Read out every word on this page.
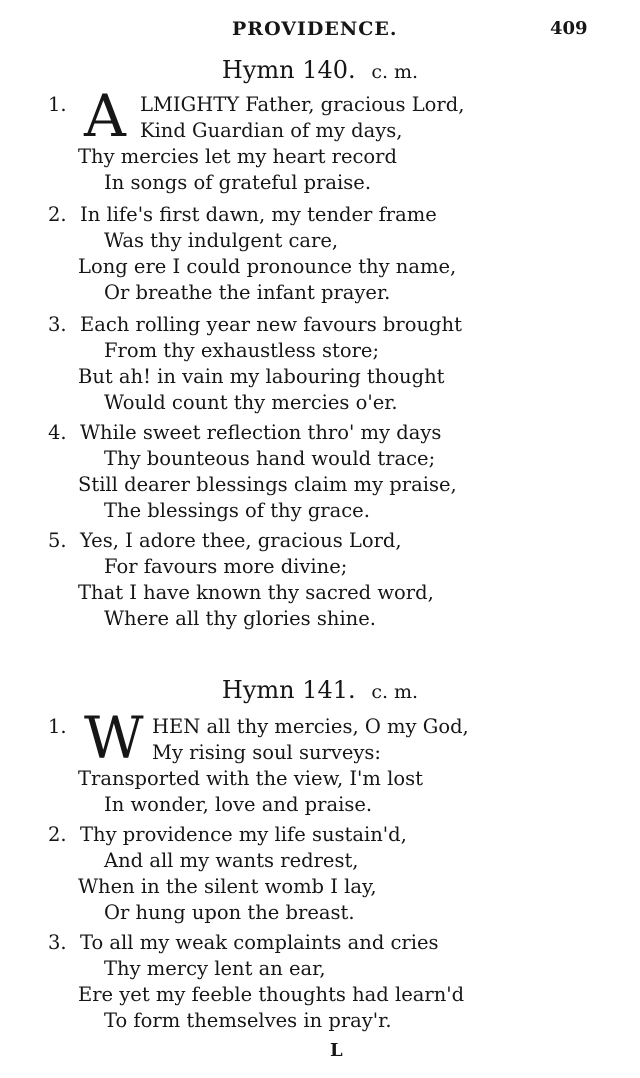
PROVIDENCE.	409
Hymn 140. c. m.
1. A LMIGHTY Father, gracious Lord,
Kind Guardian of my days,
Thy mercies let my heart record
In songs of grateful praise.
2. In life's first dawn, my tender frame
Was thy indulgent care,
Long ere I could pronounce thy name,
Or breathe the infant prayer.
3. Each rolling year new favours brought
From thy exhaustless store;
But ah! in vain my labouring thought
Would count thy mercies o'er.
4. While sweet reflection thro' my days
Thy bounteous hand would trace;
Still dearer blessings claim my praise,
The blessings of thy grace.
5. Yes, I adore thee, gracious Lord,
For favours more divine;
That I have known thy sacred word,
Where all thy glories shine.
Hymn 141. c. m.
1. W HEN all thy mercies, O my God,
My rising soul surveys:
Transported with the view, I'm lost
In wonder, love and praise.
2. Thy providence my life sustain'd,
And all my wants redrest,
When in the silent womb I lay,
Or hung upon the breast.
3. To all my weak complaints and cries
Thy mercy lent an ear,
Ere yet my feeble thoughts had learn'd
To form themselves in pray'r.
L
